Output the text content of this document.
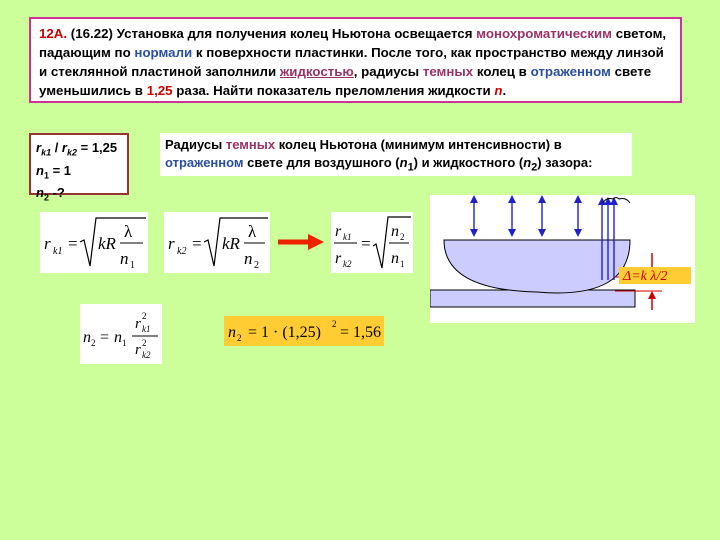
12А. (16.22) Установка для получения колец Ньютона освещается монохроматическим светом, падающим по нормали к поверхности пластинки. После того, как пространство между линзой и стеклянной пластиной заполнили жидкостью, радиусы темных колец в отраженном свете уменьшились в 1,25 раза. Найти показатель преломления жидкости n.
$r_{k1} / r_{k2} = 1,25$
$n_1 = 1$
$n_2$ -?
Радиусы темных колец Ньютона (минимум интенсивности) в отраженном свете для воздушного $(n_1)$ и жидкостного $(n_2)$ зазора:
r k1 = kR
λ
n 1
r k2 = kR
λ
n 2
r k1
r k2
=
n 2
n 1
n 2 = n 1
r 2
k1
r 2
k2
n 2 = 1 · (1,25) 2 = 1,56
Δ=k λ/2
